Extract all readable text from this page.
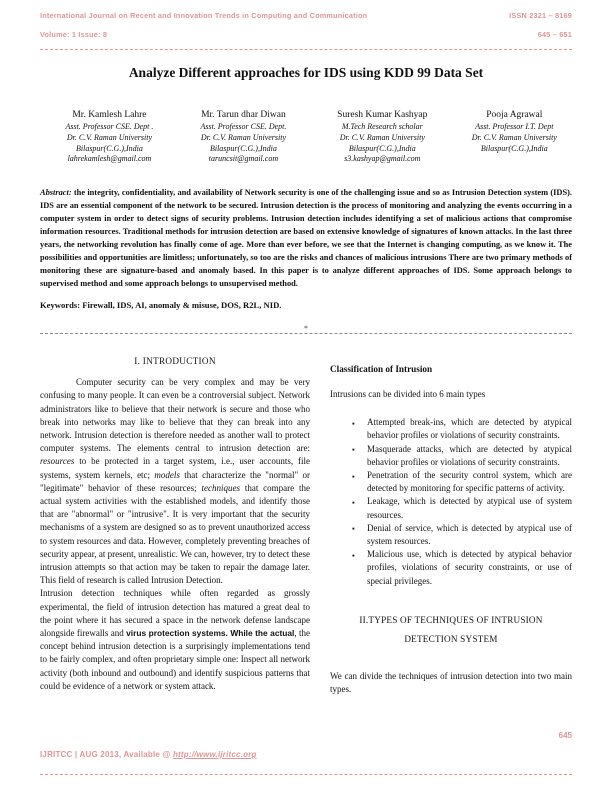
International Journal on Recent and Innovation Trends in Computing and Communication	ISSN 2321 – 8169
Volume: 1 Issue: 8	645 – 651
Analyze Different approaches for IDS using KDD 99 Data Set
Mr. Kamlesh Lahre
Asst. Professor CSE. Dept .
Dr. C.V. Raman University
Bilaspur(C.G.),India
lahrekamlesh@gmail.com
Mr. Tarun dhar Diwan
Asst. Professor CSE. Dept.
Dr. C.V. Raman University
Bilaspur(C.G.),India
taruncsit@gmail.com
Suresh Kumar Kashyap
M.Tech Research scholar
Dr. C.V. Raman University
Bilaspur(C.G.),India
s3.kashyap@gmail.com
Pooja Agrawal
Asst. Professor I.T. Dept
Dr. C.V. Raman University
Bilaspur(C.G.),India
Abstract: the integrity, confidentiality, and availability of Network security is one of the challenging issue and so as Intrusion Detection system (IDS). IDS are an essential component of the network to be secured. Intrusion detection is the process of monitoring and analyzing the events occurring in a computer system in order to detect signs of security problems. Intrusion detection includes identifying a set of malicious actions that compromise information resources. Traditional methods for intrusion detection are based on extensive knowledge of signatures of known attacks. In the last three years, the networking revolution has finally come of age. More than ever before, we see that the Internet is changing computing, as we know it. The possibilities and opportunities are limitless; unfortunately, so too are the risks and chances of malicious intrusions There are two primary methods of monitoring these are signature-based and anomaly based. In this paper is to analyze different approaches of IDS. Some approach belongs to supervised method and some approach belongs to unsupervised method.
Keywords: Firewall, IDS, AI, anomaly & misuse, DOS, R2L, NID.
*
I. INTRODUCTION
Computer security can be very complex and may be very confusing to many people. It can even be a controversial subject. Network administrators like to believe that their network is secure and those who break into networks may like to believe that they can break into any network. Intrusion detection is therefore needed as another wall to protect computer systems. The elements central to intrusion detection are: resources to be protected in a target system, i.e., user accounts, file systems, system kernels, etc; models that characterize the "normal" or "legitimate" behavior of these resources; techniques that compare the actual system activities with the established models, and identify those that are "abnormal" or "intrusive". It is very important that the security mechanisms of a system are designed so as to prevent unauthorized access to system resources and data. However, completely preventing breaches of security appear, at present, unrealistic. We can, however, try to detect these intrusion attempts so that action may be taken to repair the damage later. This field of research is called Intrusion Detection.
Intrusion detection techniques while often regarded as grossly experimental, the field of intrusion detection has matured a great deal to the point where it has secured a space in the network defense landscape alongside firewalls and virus protection systems. While the actual, the concept behind intrusion detection is a surprisingly implementations tend to be fairly complex, and often proprietary simple one: Inspect all network activity (both inbound and outbound) and identify suspicious patterns that could be evidence of a network or system attack.
Classification of Intrusion
Intrusions can be divided into 6 main types
▪ Attempted break-ins, which are detected by atypical behavior profiles or violations of security constraints.
▪ Masquerade attacks, which are detected by atypical behavior profiles or violations of security constraints.
▪ Penetration of the security control system, which are detected by monitoring for specific patterns of activity.
▪ Leakage, which is detected by atypical use of system resources.
▪ Denial of service, which is detected by atypical use of system resources.
▪ Malicious use, which is detected by atypical behavior profiles, violations of security constraints, or use of special privileges.
II.TYPES OF TECHNIQUES OF INTRUSION
DETECTION SYSTEM
We can divide the techniques of intrusion detection into two main types.
645
IJRITCC | AUG 2013, Available @ http://www.ijritcc.org
